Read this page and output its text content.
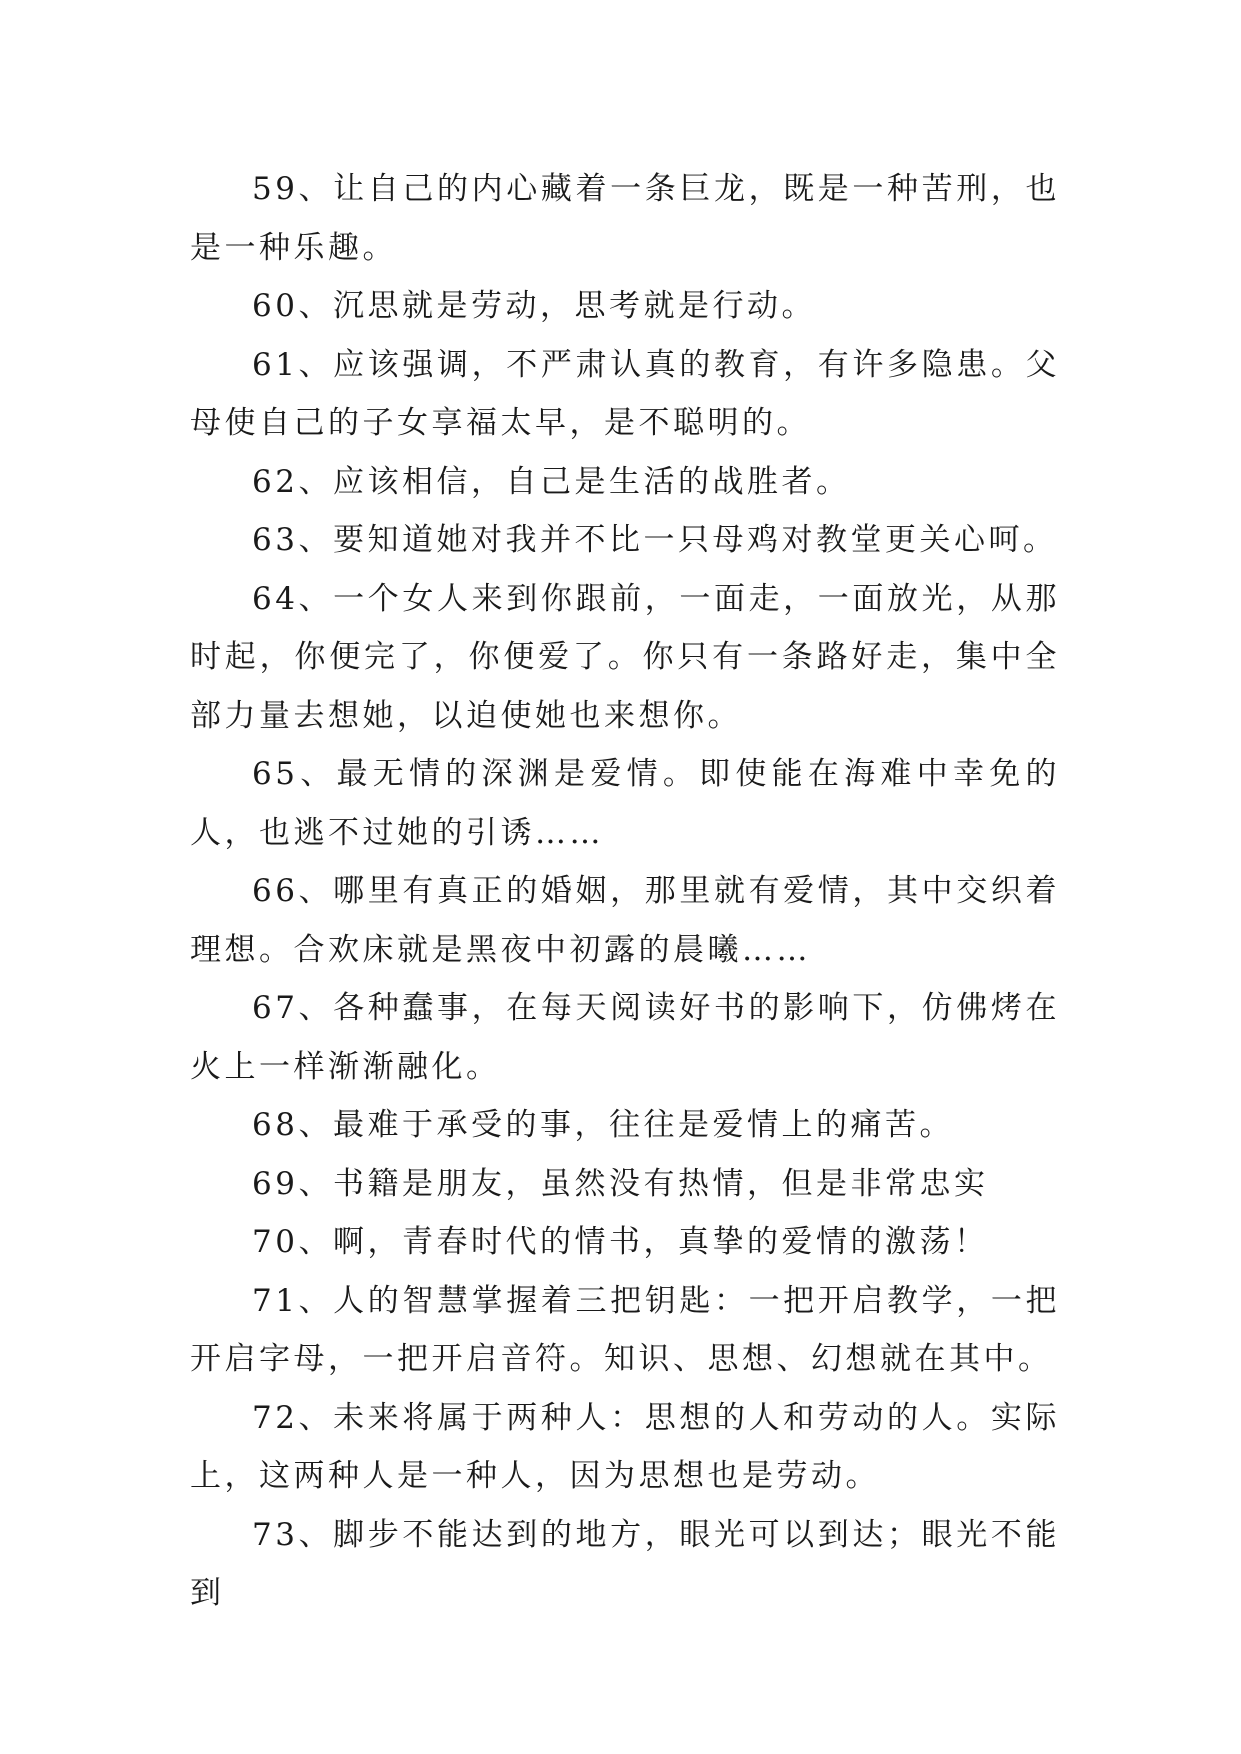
59、让自己的内心藏着一条巨龙，既是一种苦刑，也是一种乐趣。

60、沉思就是劳动，思考就是行动。

61、应该强调，不严肃认真的教育，有许多隐患。父母使自己的子女享福太早，是不聪明的。

62、应该相信，自己是生活的战胜者。

63、要知道她对我并不比一只母鸡对教堂更关心呵。

64、一个女人来到你跟前，一面走，一面放光，从那时起，你便完了，你便爱了。你只有一条路好走，集中全部力量去想她，以迫使她也来想你。

65、最无情的深渊是爱情。即使能在海难中幸免的人，也逃不过她的引诱……

66、哪里有真正的婚姻，那里就有爱情，其中交织着理想。合欢床就是黑夜中初露的晨曦……

67、各种蠢事，在每天阅读好书的影响下，仿佛烤在火上一样渐渐融化。

68、最难于承受的事，往往是爱情上的痛苦。

69、书籍是朋友，虽然没有热情，但是非常忠实

70、啊，青春时代的情书，真挚的爱情的激荡！

71、人的智慧掌握着三把钥匙：一把开启教学，一把开启字母，一把开启音符。知识、思想、幻想就在其中。

72、未来将属于两种人：思想的人和劳动的人。实际上，这两种人是一种人，因为思想也是劳动。

73、脚步不能达到的地方，眼光可以到达；眼光不能到
